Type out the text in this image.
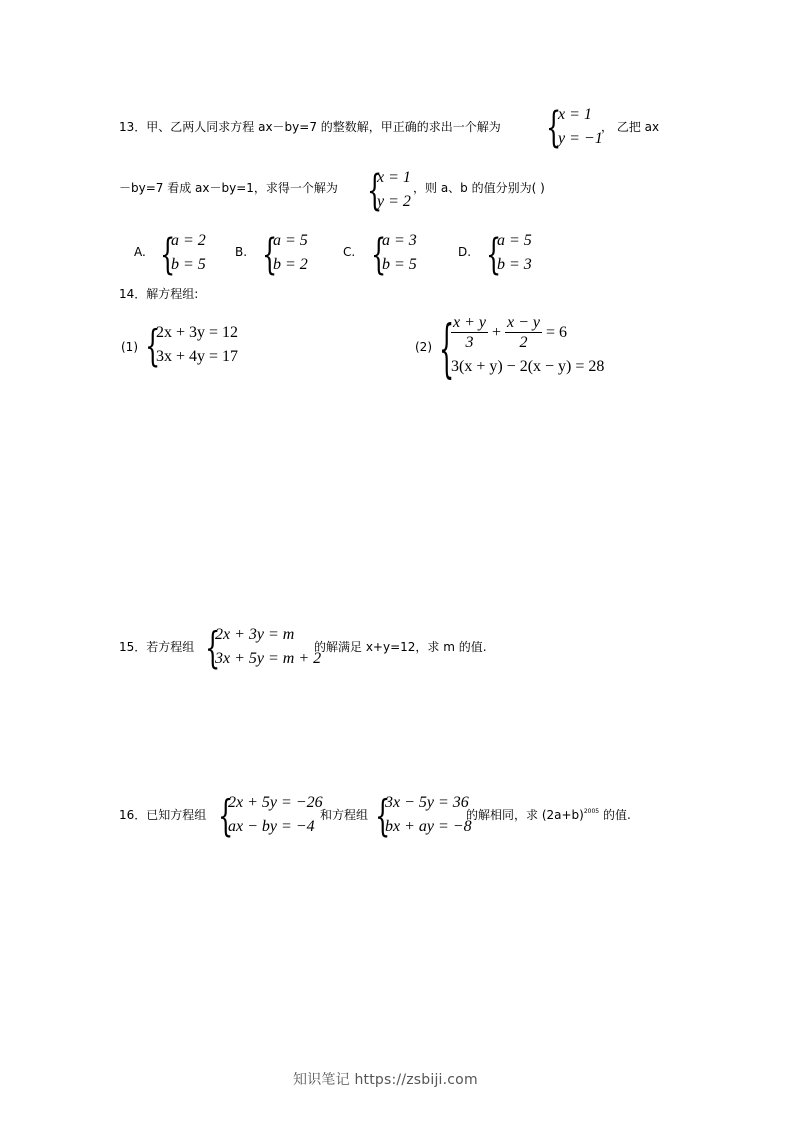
13．甲、乙两人同求方程 ax－by=7 的整数解，甲正确的求出一个解为 {
x = 1
y = −1
， 乙把 ax
－by=7 看成 ax－by=1，求得一个解为 {
x = 1
y = 2
，则 a、b 的值分别为( )
A. {
a = 2
b = 5
B. {
a = 5
b = 2
C. {
a = 3
b = 5
D. {
a = 5
b = 3
14．解方程组:
(1) {
2x + 3y = 12
3x + 4y = 17
(2) {
$\frac{x + y}{3} + \frac{x - y}{2} = 6$
3(x + y) − 2(x − y) = 28
15．若方程组 {
2x + 3y = m
3x + 5y = m + 2
的解满足 x+y=12，求 m 的值.
16．已知方程组 {
2x + 5y = −26
ax − by = −4
和方程组 {
3x − 5y = 36
bx + ay = −8
的解相同，求 $(2a+b)^{2005}$ 的值.
知识笔记 https://zsbiji.com
